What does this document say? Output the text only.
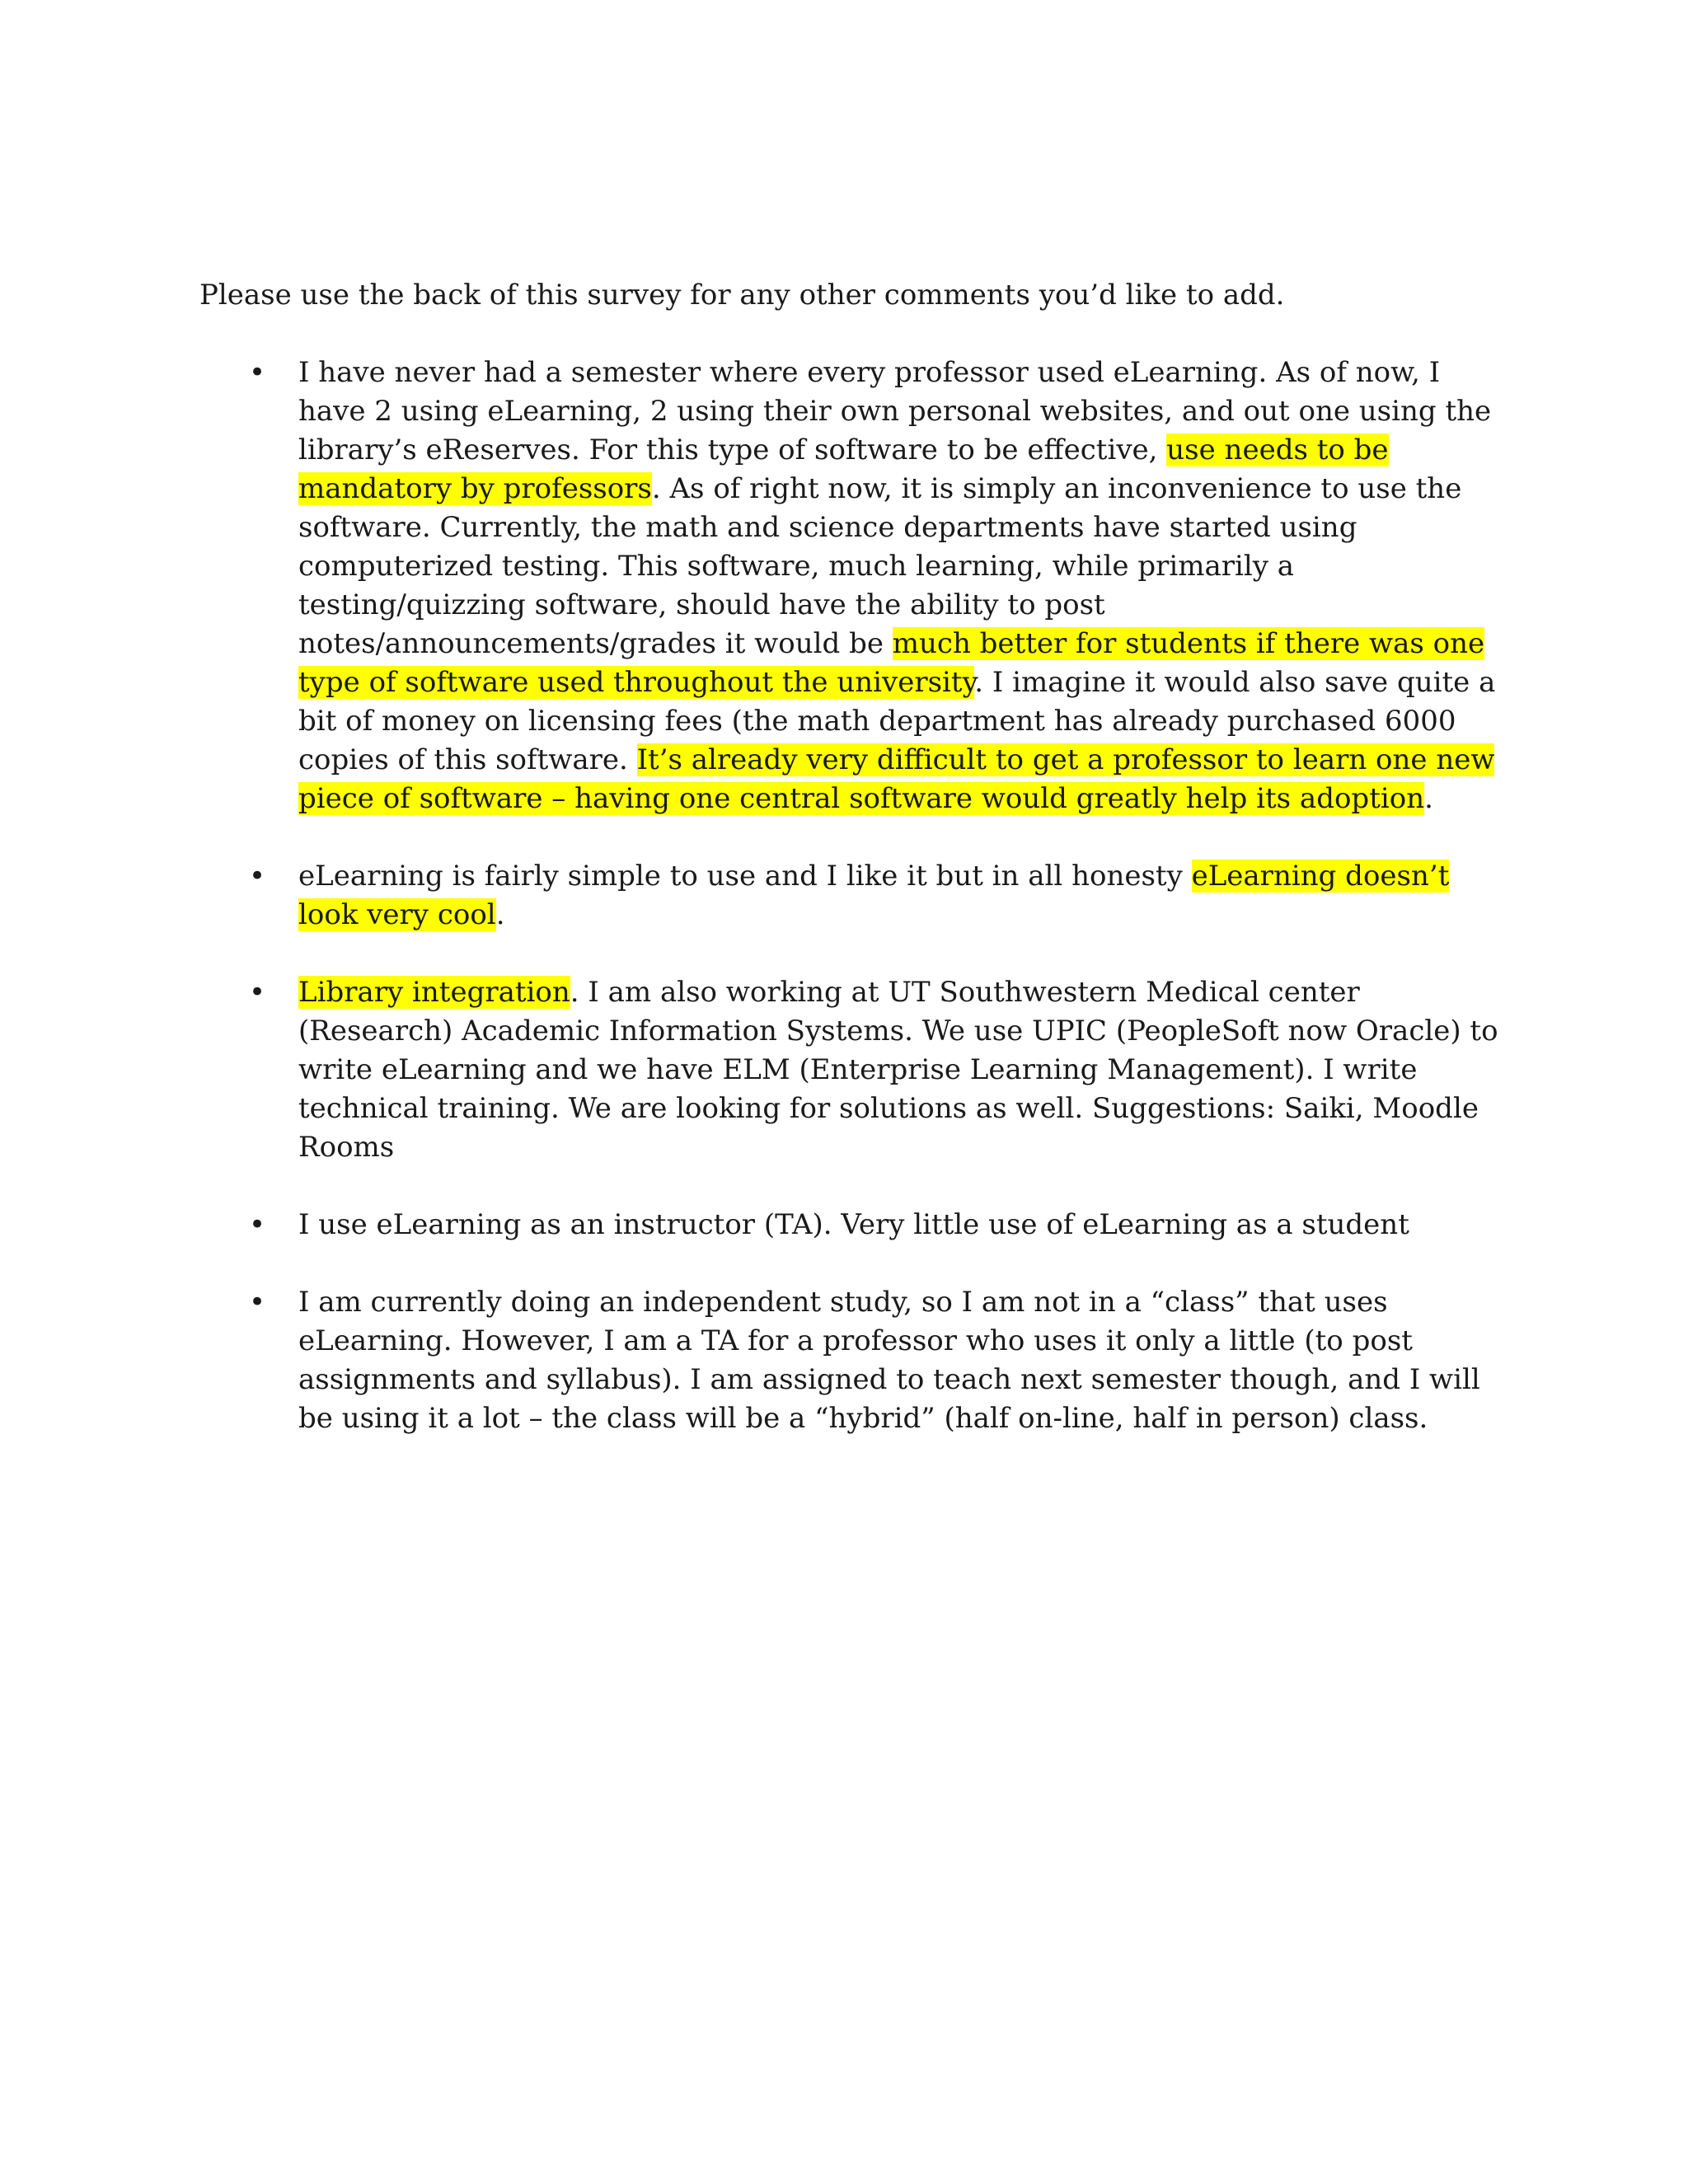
Please use the back of this survey for any other comments you’d like to add.

• I have never had a semester where every professor used eLearning. As of now, I have 2 using eLearning, 2 using their own personal websites, and out one using the library’s eReserves. For this type of software to be effective, use needs to be mandatory by professors. As of right now, it is simply an inconvenience to use the software. Currently, the math and science departments have started using computerized testing. This software, much learning, while primarily a testing/quizzing software, should have the ability to post notes/announcements/grades it would be much better for students if there was one type of software used throughout the university. I imagine it would also save quite a bit of money on licensing fees (the math department has already purchased 6000 copies of this software. It’s already very difficult to get a professor to learn one new piece of software – having one central software would greatly help its adoption.
• eLearning is fairly simple to use and I like it but in all honesty eLearning doesn’t look very cool.
• Library integration. I am also working at UT Southwestern Medical center (Research) Academic Information Systems. We use UPIC (PeopleSoft now Oracle) to write eLearning and we have ELM (Enterprise Learning Management). I write technical training. We are looking for solutions as well. Suggestions: Saiki, Moodle Rooms
• I use eLearning as an instructor (TA). Very little use of eLearning as a student
• I am currently doing an independent study, so I am not in a “class” that uses eLearning. However, I am a TA for a professor who uses it only a little (to post assignments and syllabus). I am assigned to teach next semester though, and I will be using it a lot – the class will be a “hybrid” (half on-line, half in person) class.
